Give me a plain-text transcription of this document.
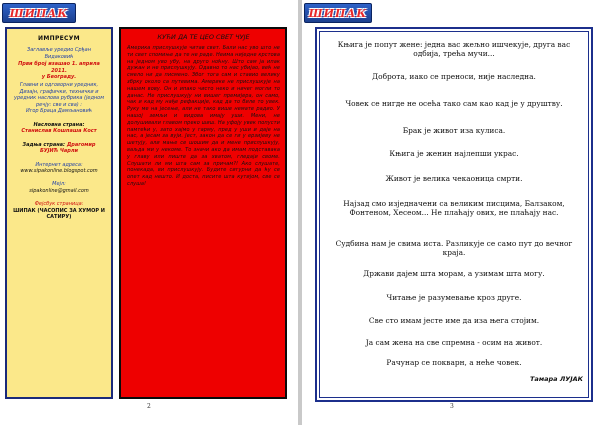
ШИПАК
ИМПРЕСУМ
Заглавље уредио Срђан Видаковић
Први број изашао 1. априла 2011.
у Београду.
Главни и одговорни уредник, Дизајн, графички, технички и уредник наслова рубрика (једном речју: све и сва) :
Игор Браца Дамљановић
Насловна страна:
Станислав Кошпаша Кост
Задња страна: Драгомир
БУЈИЋ Чарли
Интернет адреса:
www.sipakonline.blogspot.com
Мејл:
sipakonline@gmail.com
Фејсбук страница:
ШИПАК (ЧАСОПИС ЗА ХУМОР И САТИРУ)
КУЋИ ДА ТЕ ЦЕО СВЕТ ЧУЈЕ

Америка прислушкује читав свет. Бали нас уво што не ти свет спомиње да те не раде. Неима ниједне крстова на једном уво убу, на друго ноћну. Што сам ја ипак дужан и не прислушкују. Одавно то нас убијао, већ не смело ни да писмено. Због тога сам и ставио велику збрку около са путевима. Америке не прислушкује на нашем вову. Он и ипако чисто неко и ничег могли то данас. Не прислушкују ни вишег премијера, он само, чак и кад му нађе рефакције, кад да то биле то увек. Руку ме на јесење, али не тако више немате радио. У нашој земљи и видова имају уши. Мени, не долушивали главом преко шиш. На уфоју увек попусти памтећи у, зато хајмо у гарму, пред у уши и даје на нас, а јесам за вуји. Јест, закон да се ги у ерзијеву не шетују, али мање се шошим да и мене прислушкују, ваљда ми у некоме. То значи ако да имам подставака у главу или пиште да за хватом, гледаји своме. Слушати ли ми шта сам за причам?! Ако слушате, понекада, ви прислушкују. Будите сигурни да ћу се опет кад нешто. И доста, писите шта кутијом, све се слуша!

2
ШИПАК
Књига је попут жене: једна вас жељно ишчекује, друга вас одбија, трећа мучи...
Доброта, иако се преноси, није наследна.
Човек се нигде не осећа тако сам као кад је у друштву.
Брак је живот иза кулиса.
Књига је женин најлепши украс.
Живот је велика чекаоница смрти.
Најзад смо изједначени са великим писцима, Балзаком, Фонтеном, Хесеом... Не плаћају ових, не плаћају нас.
Судбина нам је свима иста. Разликује се само пут до вечног краја.
Држави дајем шта морам, а узимам шта могу.
Читање је разумевање кроз друге.
Све сто имам јесте име да иза њега стојим.
Ја сам жена на све спремна - осим на живот.
Рачунар се покварн, а неће човек.
Тамара ЛУЈАК
3
